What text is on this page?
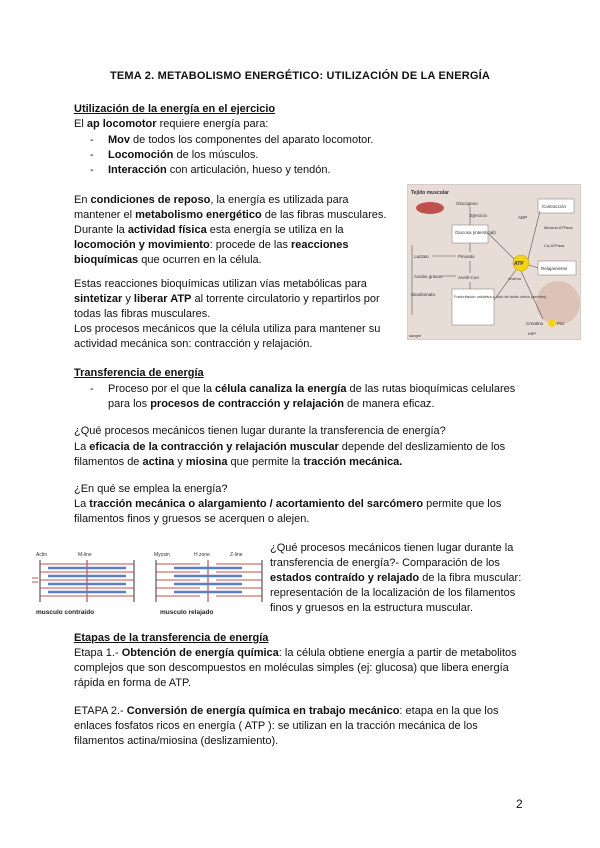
TEMA 2. METABOLISMO ENERGÉTICO: UTILIZACIÓN DE LA ENERGÍA
Utilización de la energía en el ejercicio
El ap locomotor requiere energía para:
- Mov de todos los componentes del aparato locomotor.
- Locomoción de los músculos.
- Interacción con articulación, hueso y tendón.
En condiciones de reposo, la energía es utilizada para
mantener el metabolismo energético de las fibras musculares.
Durante la actividad física esta energía se utiliza en la
locomoción y movimiento: procede de las reacciones
bioquímicas que ocurren en la célula.
Estas reacciones bioquímicas utilizan vías metabólicas para
sintetizar y liberar ATP al torrente circulatorio y repartirlos por
todas las fibras musculares.
Los procesos mecánicos que la célula utiliza para mantener su
actividad mecánica son: contracción y relajación.
Tejido muscular
Glucógeno
Ejercicio
Glucosa (intersticial)
Lactato	Piruvato
Ácidos grasos	Acetil-CoA
Bicarbonato	Fosforilación oxidativa o ciclo de ácido cítrico (aerobio)
ATP
enzima
Contracción
ADP
Miosina ATPasa
Ca-ATPasa
Relajamiento
Creatina	PCr
KBP
sangre
Transferencia de energía
- Proceso por el que la célula canaliza la energía de las rutas bioquímicas celulares
para los procesos de contracción y relajación de manera eficaz.
¿Qué procesos mecánicos tienen lugar durante la transferencia de energía?
La eficacia de la contracción y relajación muscular depende del deslizamiento de los
filamentos de actina y miosina que permite la tracción mecánica.
¿En qué se emplea la energía?
La tracción mecánica o alargamiento / acortamiento del sarcómero permite que los
filamentos finos y gruesos se acerquen o alejen.
Actin	M-line
musculo contraido
Myosin	H zone	Z-line
musculo relajado
¿Qué procesos mecánicos tienen lugar durante la
transferencia de energía?- Comparación de los
estados contraído y relajado de la fibra muscular:
representación de la localización de los filamentos
finos y gruesos en la estructura muscular.
Etapas de la transferencia de energía
Etapa 1.- Obtención de energía química: la célula obtiene energía a partir de metabolitos
complejos que son descompuestos en moléculas simples (ej: glucosa) que libera energía
rápida en forma de ATP.
ETAPA 2.- Conversión de energía química en trabajo mecánico: etapa en la que los
enlaces fosfatos ricos en energía ( ATP ): se utilizan en la tracción mecánica de los
filamentos actina/miosina (deslizamiento).
2
